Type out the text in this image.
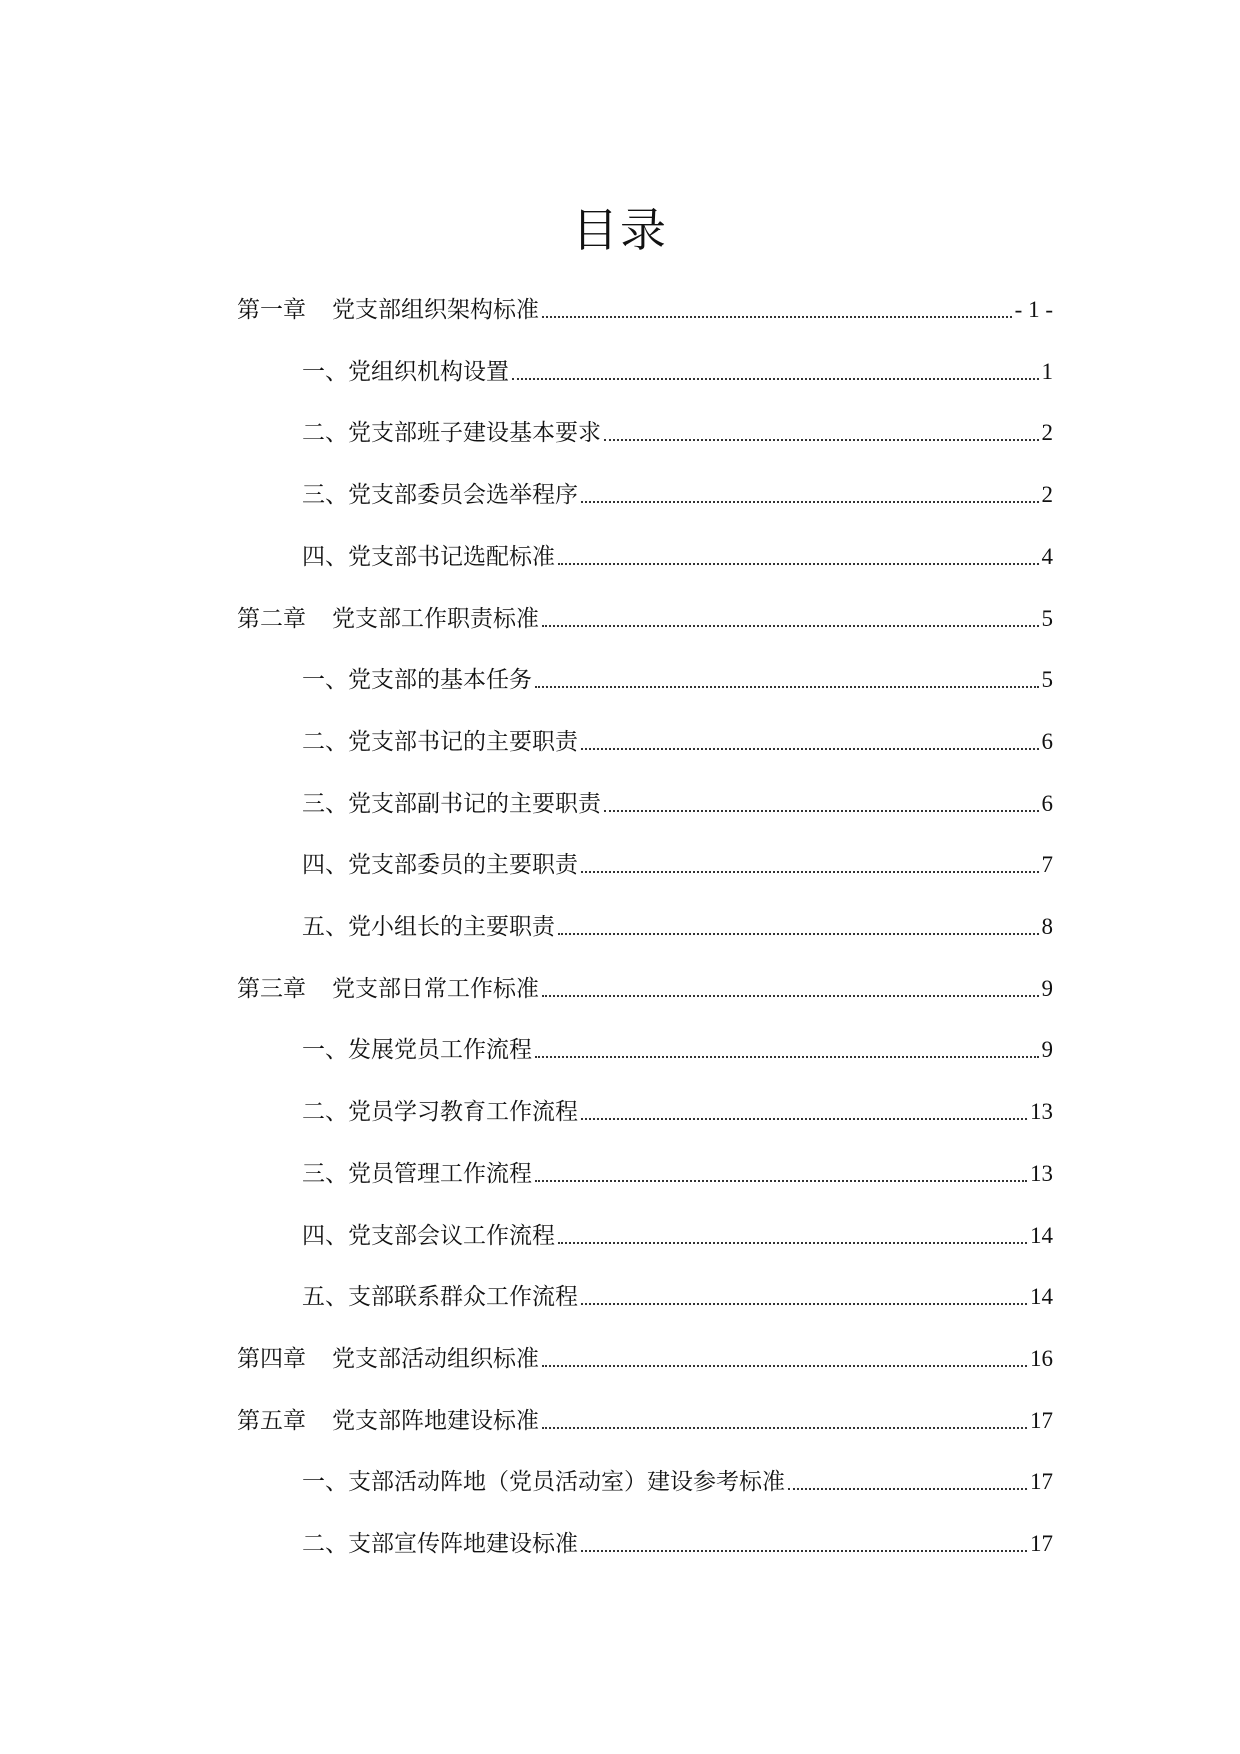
目录
第一章 党支部组织架构标准	- 1 -
一、党组织机构设置	1
二、党支部班子建设基本要求	2
三、党支部委员会选举程序	2
四、党支部书记选配标准	4
第二章 党支部工作职责标准	5
一、党支部的基本任务	5
二、党支部书记的主要职责	6
三、党支部副书记的主要职责	6
四、党支部委员的主要职责	7
五、党小组长的主要职责	8
第三章 党支部日常工作标准	9
一、发展党员工作流程	9
二、党员学习教育工作流程	13
三、党员管理工作流程	13
四、党支部会议工作流程	14
五、支部联系群众工作流程	14
第四章 党支部活动组织标准	16
第五章 党支部阵地建设标准	17
一、支部活动阵地（党员活动室）建设参考标准	17
二、支部宣传阵地建设标准	17
